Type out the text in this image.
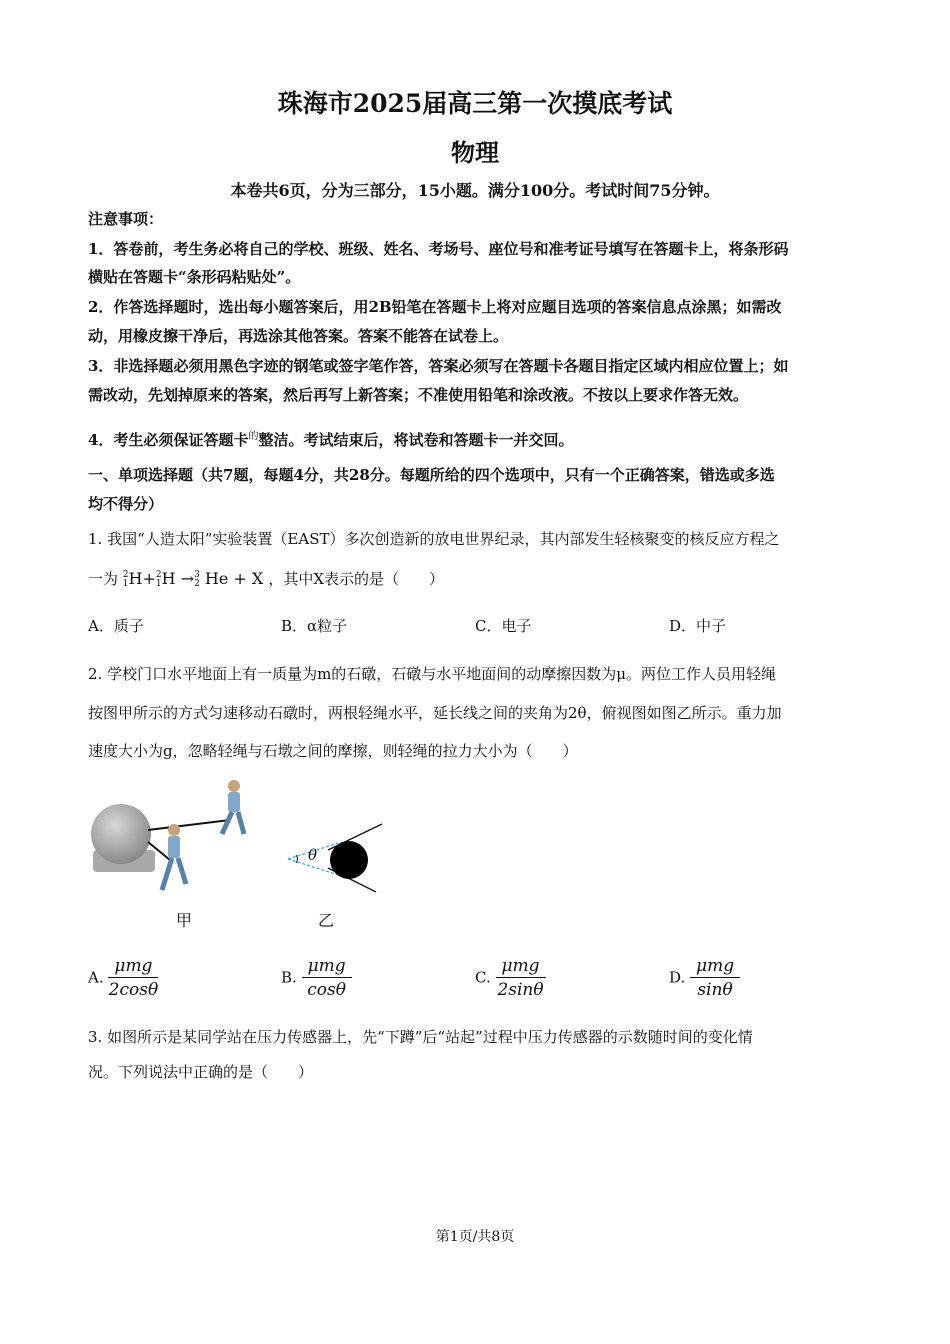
珠海市2025届高三第一次摸底考试
物理
本卷共6页，分为三部分，15小题。满分100分。考试时间75分钟。
注意事项：
1．答卷前，考生务必将自己的学校、班级、姓名、考场号、座位号和准考证号填写在答题卡上，将条形码
横贴在答题卡“条形码粘贴处”。
2．作答选择题时，选出每小题答案后，用2B铅笔在答题卡上将对应题目选项的答案信息点涂黑；如需改
动，用橡皮擦干净后，再选涂其他答案。答案不能答在试卷上。
3．非选择题必须用黑色字迹的钢笔或签字笔作答，答案必须写在答题卡各题目指定区域内相应位置上；如
需改动，先划掉原来的答案，然后再写上新答案；不准使用铅笔和涂改液。不按以上要求作答无效。
4．考生必须保证答题卡$^的$整洁。考试结束后，将试卷和答题卡一并交回。
一、单项选择题（共7题，每题4分，共28分。每题所给的四个选项中，只有一个正确答案，错选或多选
均不得分）
1. 我国“人造太阳”实验装置（EAST）多次创造新的放电世界纪录，其内部发生轻核聚变的核反应方程之
一为 2
1H+2
1H →3
2 He + X ，其中X表示的是（　　）
A．质子	B．α粒子	C．电子	D．中子
2. 学校门口水平地面上有一质量为m的石礅，石礅与水平地面间的动摩擦因数为μ。两位工作人员用轻绳
按图甲所示的方式匀速移动石礅时，两根轻绳水平，延长线之间的夹角为2θ，俯视图如图乙所示。重力加
速度大小为g，忽略轻绳与石墩之间的摩擦，则轻绳的拉力大小为（　　）
甲
θ
乙
A. $\frac{\text{μmg}}{2\cos\theta}$	B. $\frac{\text{μmg}}{\cos\theta}$	C. $\frac{\text{μmg}}{2\sin\theta}$	D. $\frac{\text{μmg}}{\sin\theta}$
3. 如图所示是某同学站在压力传感器上，先“下蹲”后“站起”过程中压力传感器的示数随时间的变化情
况。下列说法中正确的是（　　）
第1页/共8页
